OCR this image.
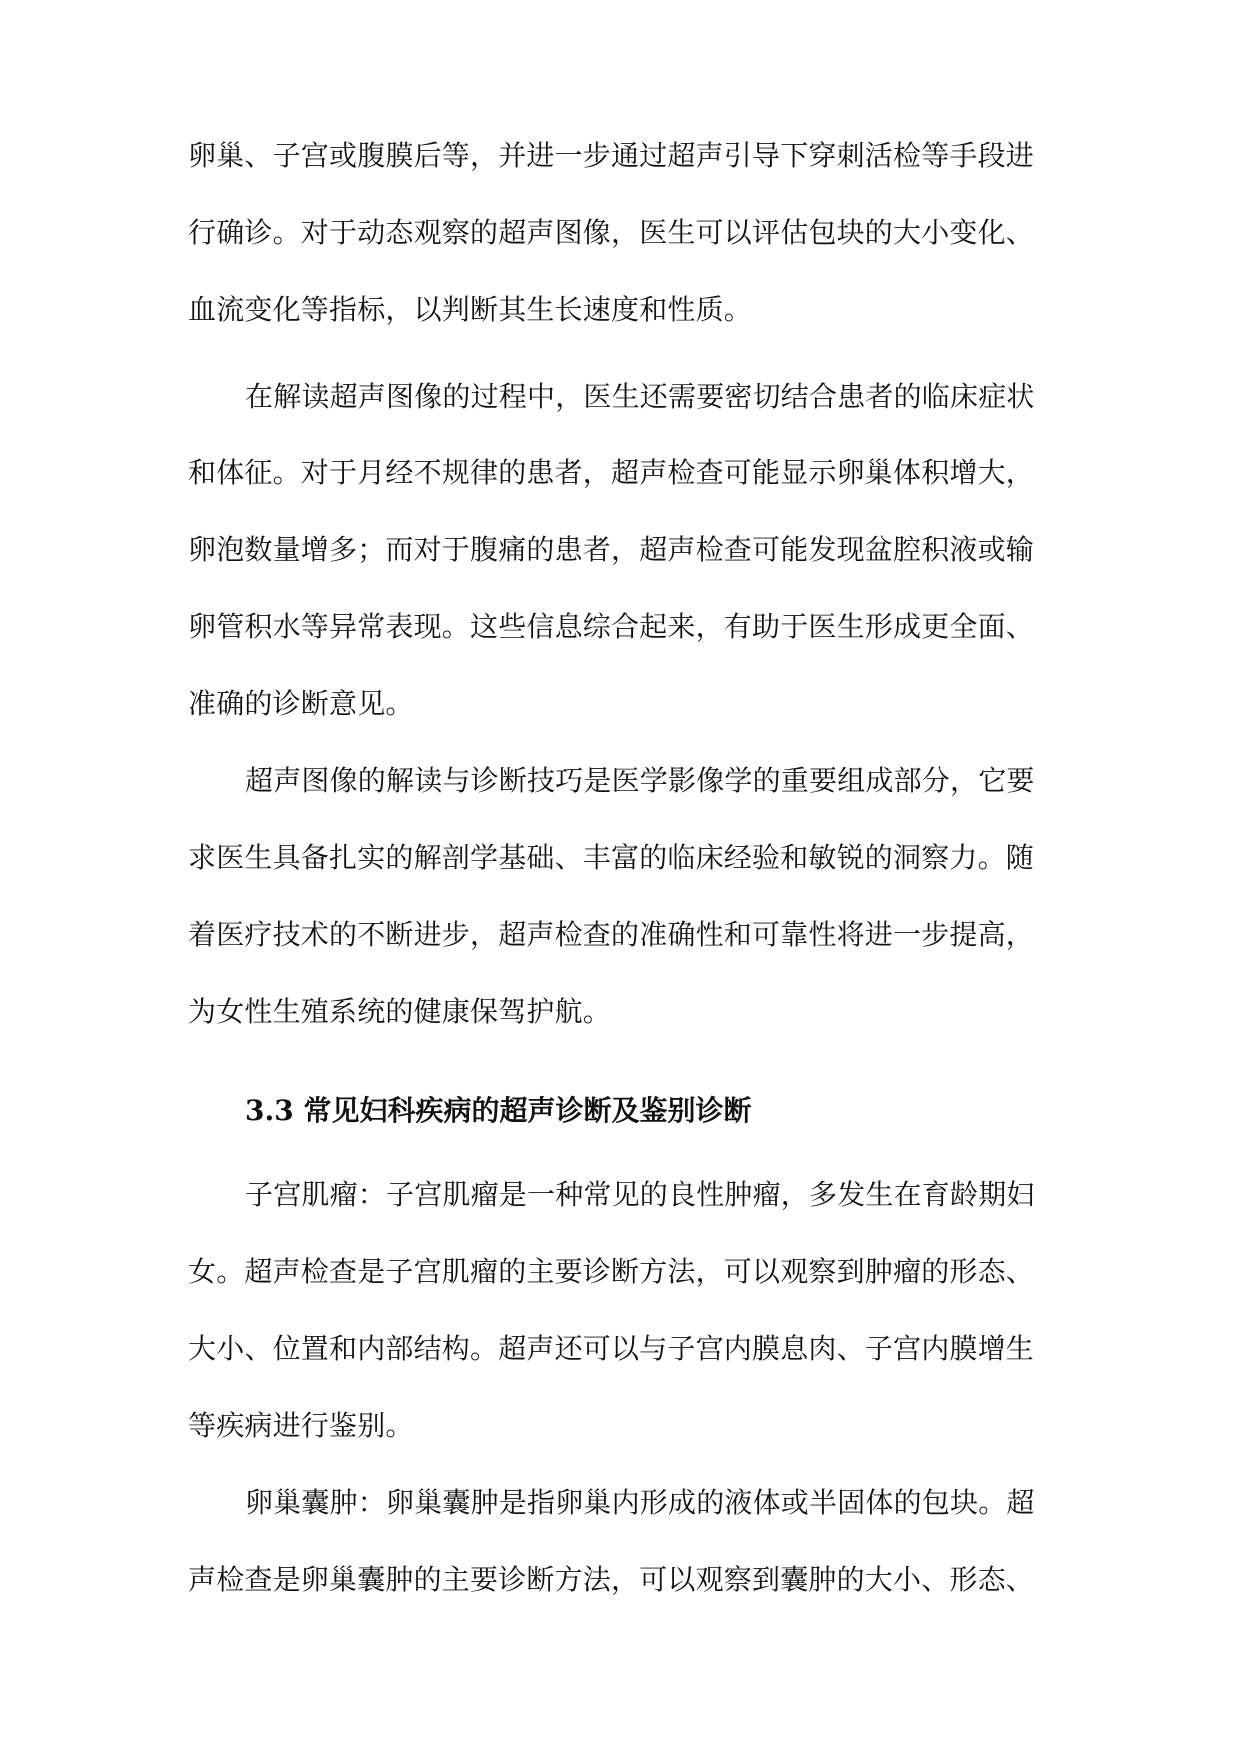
卵巢、子宫或腹膜后等，并进一步通过超声引导下穿刺活检等手段进
行确诊。对于动态观察的超声图像，医生可以评估包块的大小变化、
血流变化等指标，以判断其生长速度和性质。
在解读超声图像的过程中，医生还需要密切结合患者的临床症状
和体征。对于月经不规律的患者，超声检查可能显示卵巢体积增大，
卵泡数量增多；而对于腹痛的患者，超声检查可能发现盆腔积液或输
卵管积水等异常表现。这些信息综合起来，有助于医生形成更全面、
准确的诊断意见。
超声图像的解读与诊断技巧是医学影像学的重要组成部分，它要
求医生具备扎实的解剖学基础、丰富的临床经验和敏锐的洞察力。随
着医疗技术的不断进步，超声检查的准确性和可靠性将进一步提高，
为女性生殖系统的健康保驾护航。
3.3 常见妇科疾病的超声诊断及鉴别诊断
子宫肌瘤：子宫肌瘤是一种常见的良性肿瘤，多发生在育龄期妇
女。超声检查是子宫肌瘤的主要诊断方法，可以观察到肿瘤的形态、
大小、位置和内部结构。超声还可以与子宫内膜息肉、子宫内膜增生
等疾病进行鉴别。
卵巢囊肿：卵巢囊肿是指卵巢内形成的液体或半固体的包块。超
声检查是卵巢囊肿的主要诊断方法，可以观察到囊肿的大小、形态、
